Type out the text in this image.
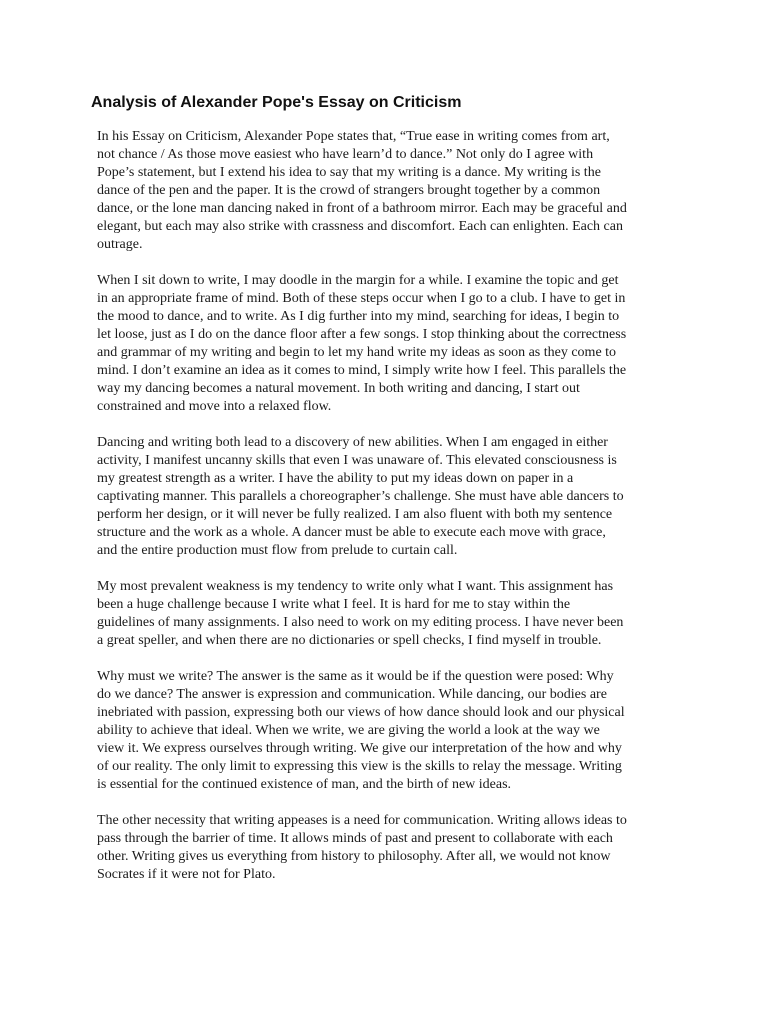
Analysis of Alexander Pope's Essay on Criticism

In his Essay on Criticism, Alexander Pope states that, “True ease in writing comes from art,
not chance / As those move easiest who have learn’d to dance.” Not only do I agree with
Pope’s statement, but I extend his idea to say that my writing is a dance. My writing is the
dance of the pen and the paper. It is the crowd of strangers brought together by a common
dance, or the lone man dancing naked in front of a bathroom mirror. Each may be graceful and
elegant, but each may also strike with crassness and discomfort. Each can enlighten. Each can
outrage.

When I sit down to write, I may doodle in the margin for a while. I examine the topic and get
in an appropriate frame of mind. Both of these steps occur when I go to a club. I have to get in
the mood to dance, and to write. As I dig further into my mind, searching for ideas, I begin to
let loose, just as I do on the dance floor after a few songs. I stop thinking about the correctness
and grammar of my writing and begin to let my hand write my ideas as soon as they come to
mind. I don’t examine an idea as it comes to mind, I simply write how I feel. This parallels the
way my dancing becomes a natural movement. In both writing and dancing, I start out
constrained and move into a relaxed flow.

Dancing and writing both lead to a discovery of new abilities. When I am engaged in either
activity, I manifest uncanny skills that even I was unaware of. This elevated consciousness is
my greatest strength as a writer. I have the ability to put my ideas down on paper in a
captivating manner. This parallels a choreographer’s challenge. She must have able dancers to
perform her design, or it will never be fully realized. I am also fluent with both my sentence
structure and the work as a whole. A dancer must be able to execute each move with grace,
and the entire production must flow from prelude to curtain call.

My most prevalent weakness is my tendency to write only what I want. This assignment has
been a huge challenge because I write what I feel. It is hard for me to stay within the
guidelines of many assignments. I also need to work on my editing process. I have never been
a great speller, and when there are no dictionaries or spell checks, I find myself in trouble.

Why must we write? The answer is the same as it would be if the question were posed: Why
do we dance? The answer is expression and communication. While dancing, our bodies are
inebriated with passion, expressing both our views of how dance should look and our physical
ability to achieve that ideal. When we write, we are giving the world a look at the way we
view it. We express ourselves through writing. We give our interpretation of the how and why
of our reality. The only limit to expressing this view is the skills to relay the message. Writing
is essential for the continued existence of man, and the birth of new ideas.

The other necessity that writing appeases is a need for communication. Writing allows ideas to
pass through the barrier of time. It allows minds of past and present to collaborate with each
other. Writing gives us everything from history to philosophy. After all, we would not know
Socrates if it were not for Plato.
